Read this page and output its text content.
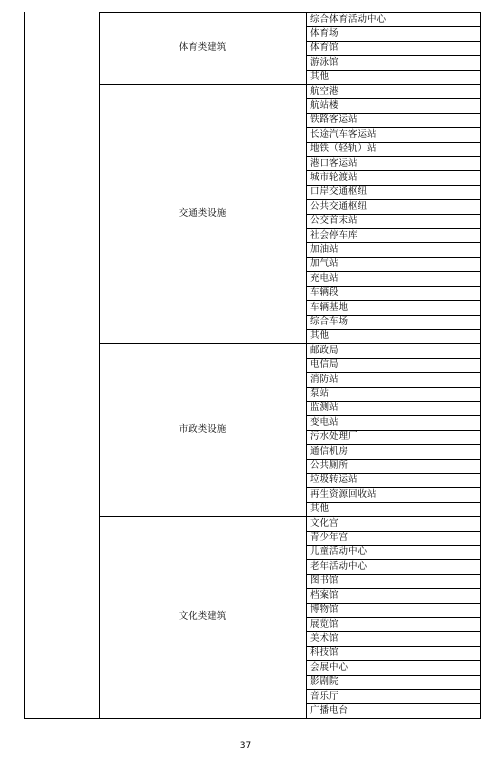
体育类建筑
综合体育活动中心
体育场
体育馆
游泳馆
其他
交通类设施
航空港
航站楼
铁路客运站
长途汽车客运站
地铁（轻轨）站
港口客运站
城市轮渡站
口岸交通枢纽
公共交通枢纽
公交首末站
社会停车库
加油站
加气站
充电站
车辆段
车辆基地
综合车场
其他
市政类设施
邮政局
电信局
消防站
泵站
监测站
变电站
污水处理厂
通信机房
公共厕所
垃圾转运站
再生资源回收站
其他
文化类建筑
文化宫
青少年宫
儿童活动中心
老年活动中心
图书馆
档案馆
博物馆
展览馆
美术馆
科技馆
会展中心
影剧院
音乐厅
广播电台
37
